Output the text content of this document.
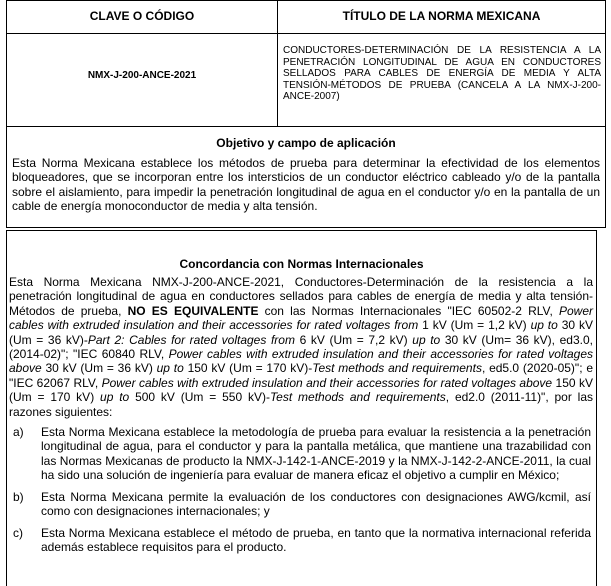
CLAVE O CÓDIGO	TÍTULO DE LA NORMA MEXICANA
NMX-J-200-ANCE-2021
CONDUCTORES-DETERMINACIÓN DE LA RESISTENCIA A LA PENETRACIÓN LONGITUDINAL DE AGUA EN CONDUCTORES SELLADOS PARA CABLES DE ENERGÍA DE MEDIA Y ALTA TENSIÓN-MÉTODOS DE PRUEBA (CANCELA A LA NMX-J-200-ANCE-2007)
Objetivo y campo de aplicación
Esta Norma Mexicana establece los métodos de prueba para determinar la efectividad de los elementos bloqueadores, que se incorporan entre los intersticios de un conductor eléctrico cableado y/o de la pantalla sobre el aislamiento, para impedir la penetración longitudinal de agua en el conductor y/o en la pantalla de un cable de energía monoconductor de media y alta tensión.
Concordancia con Normas Internacionales
Esta Norma Mexicana NMX-J-200-ANCE-2021, Conductores-Determinación de la resistencia a la penetración longitudinal de agua en conductores sellados para cables de energía de media y alta tensión-Métodos de prueba, NO ES EQUIVALENTE con las Normas Internacionales "IEC 60502-2 RLV, Power cables with extruded insulation and their accessories for rated voltages from 1 kV (Um = 1,2 kV) up to 30 kV (Um = 36 kV)-Part 2: Cables for rated voltages from 6 kV (Um = 7,2 kV) up to 30 kV (Um= 36 kV), ed3.0, (2014-02)"; "IEC 60840 RLV, Power cables with extruded insulation and their accessories for rated voltages above 30 kV (Um = 36 kV) up to 150 kV (Um = 170 kV)-Test methods and requirements, ed5.0 (2020-05)"; e "IEC 62067 RLV, Power cables with extruded insulation and their accessories for rated voltages above 150 kV (Um = 170 kV) up to 500 kV (Um = 550 kV)-Test methods and requirements, ed2.0 (2011-11)", por las razones siguientes:
a) Esta Norma Mexicana establece la metodología de prueba para evaluar la resistencia a la penetración longitudinal de agua, para el conductor y para la pantalla metálica, que mantiene una trazabilidad con las Normas Mexicanas de producto la NMX-J-142-1-ANCE-2019 y la NMX-J-142-2-ANCE-2011, la cual ha sido una solución de ingeniería para evaluar de manera eficaz el objetivo a cumplir en México;
b) Esta Norma Mexicana permite la evaluación de los conductores con designaciones AWG/kcmil, así como con designaciones internacionales; y
c) Esta Norma Mexicana establece el método de prueba, en tanto que la normativa internacional referida además establece requisitos para el producto.
